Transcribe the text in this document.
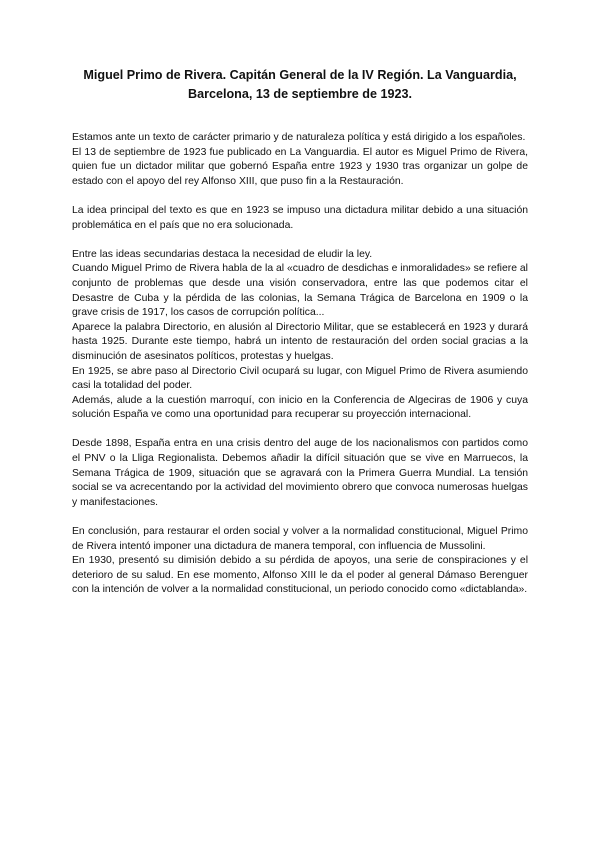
Miguel Primo de Rivera. Capitán General de la IV Región. La Vanguardia,
Barcelona, 13 de septiembre de 1923.

Estamos ante un texto de carácter primario y de naturaleza política y está dirigido a los españoles.

El 13 de septiembre de 1923 fue publicado en La Vanguardia. El autor es Miguel Primo de Rivera, quien fue un dictador militar que gobernó España entre 1923 y 1930 tras organizar un golpe de estado con el apoyo del rey Alfonso XIII, que puso fin a la Restauración.

La idea principal del texto es que en 1923 se impuso una dictadura militar debido a una situación problemática en el país que no era solucionada.

Entre las ideas secundarias destaca la necesidad de eludir la ley.

Cuando Miguel Primo de Rivera habla de la al «cuadro de desdichas e inmoralidades» se refiere al conjunto de problemas que desde una visión conservadora, entre las que podemos citar el Desastre de Cuba y la pérdida de las colonias, la Semana Trágica de Barcelona en 1909 o la grave crisis de 1917, los casos de corrupción política...

Aparece la palabra Directorio, en alusión al Directorio Militar, que se establecerá en 1923 y durará hasta 1925. Durante este tiempo, habrá un intento de restauración del orden social gracias a la disminución de asesinatos políticos, protestas y huelgas.

En 1925, se abre paso al Directorio Civil ocupará su lugar, con Miguel Primo de Rivera asumiendo casi la totalidad del poder.

Además, alude a la cuestión marroquí, con inicio en la Conferencia de Algeciras de 1906 y cuya solución España ve como una oportunidad para recuperar su proyección internacional.

Desde 1898, España entra en una crisis dentro del auge de los nacionalismos con partidos como el PNV o la Lliga Regionalista. Debemos añadir la difícil situación que se vive en Marruecos, la Semana Trágica de 1909, situación que se agravará con la Primera Guerra Mundial. La tensión social se va acrecentando por la actividad del movimiento obrero que convoca numerosas huelgas y manifestaciones.

En conclusión, para restaurar el orden social y volver a la normalidad constitucional, Miguel Primo de Rivera intentó imponer una dictadura de manera temporal, con influencia de Mussolini.

En 1930, presentó su dimisión debido a su pérdida de apoyos, una serie de conspiraciones y el deterioro de su salud. En ese momento, Alfonso XIII le da el poder al general Dámaso Berenguer con la intención de volver a la normalidad constitucional, un periodo conocido como «dictablanda».
